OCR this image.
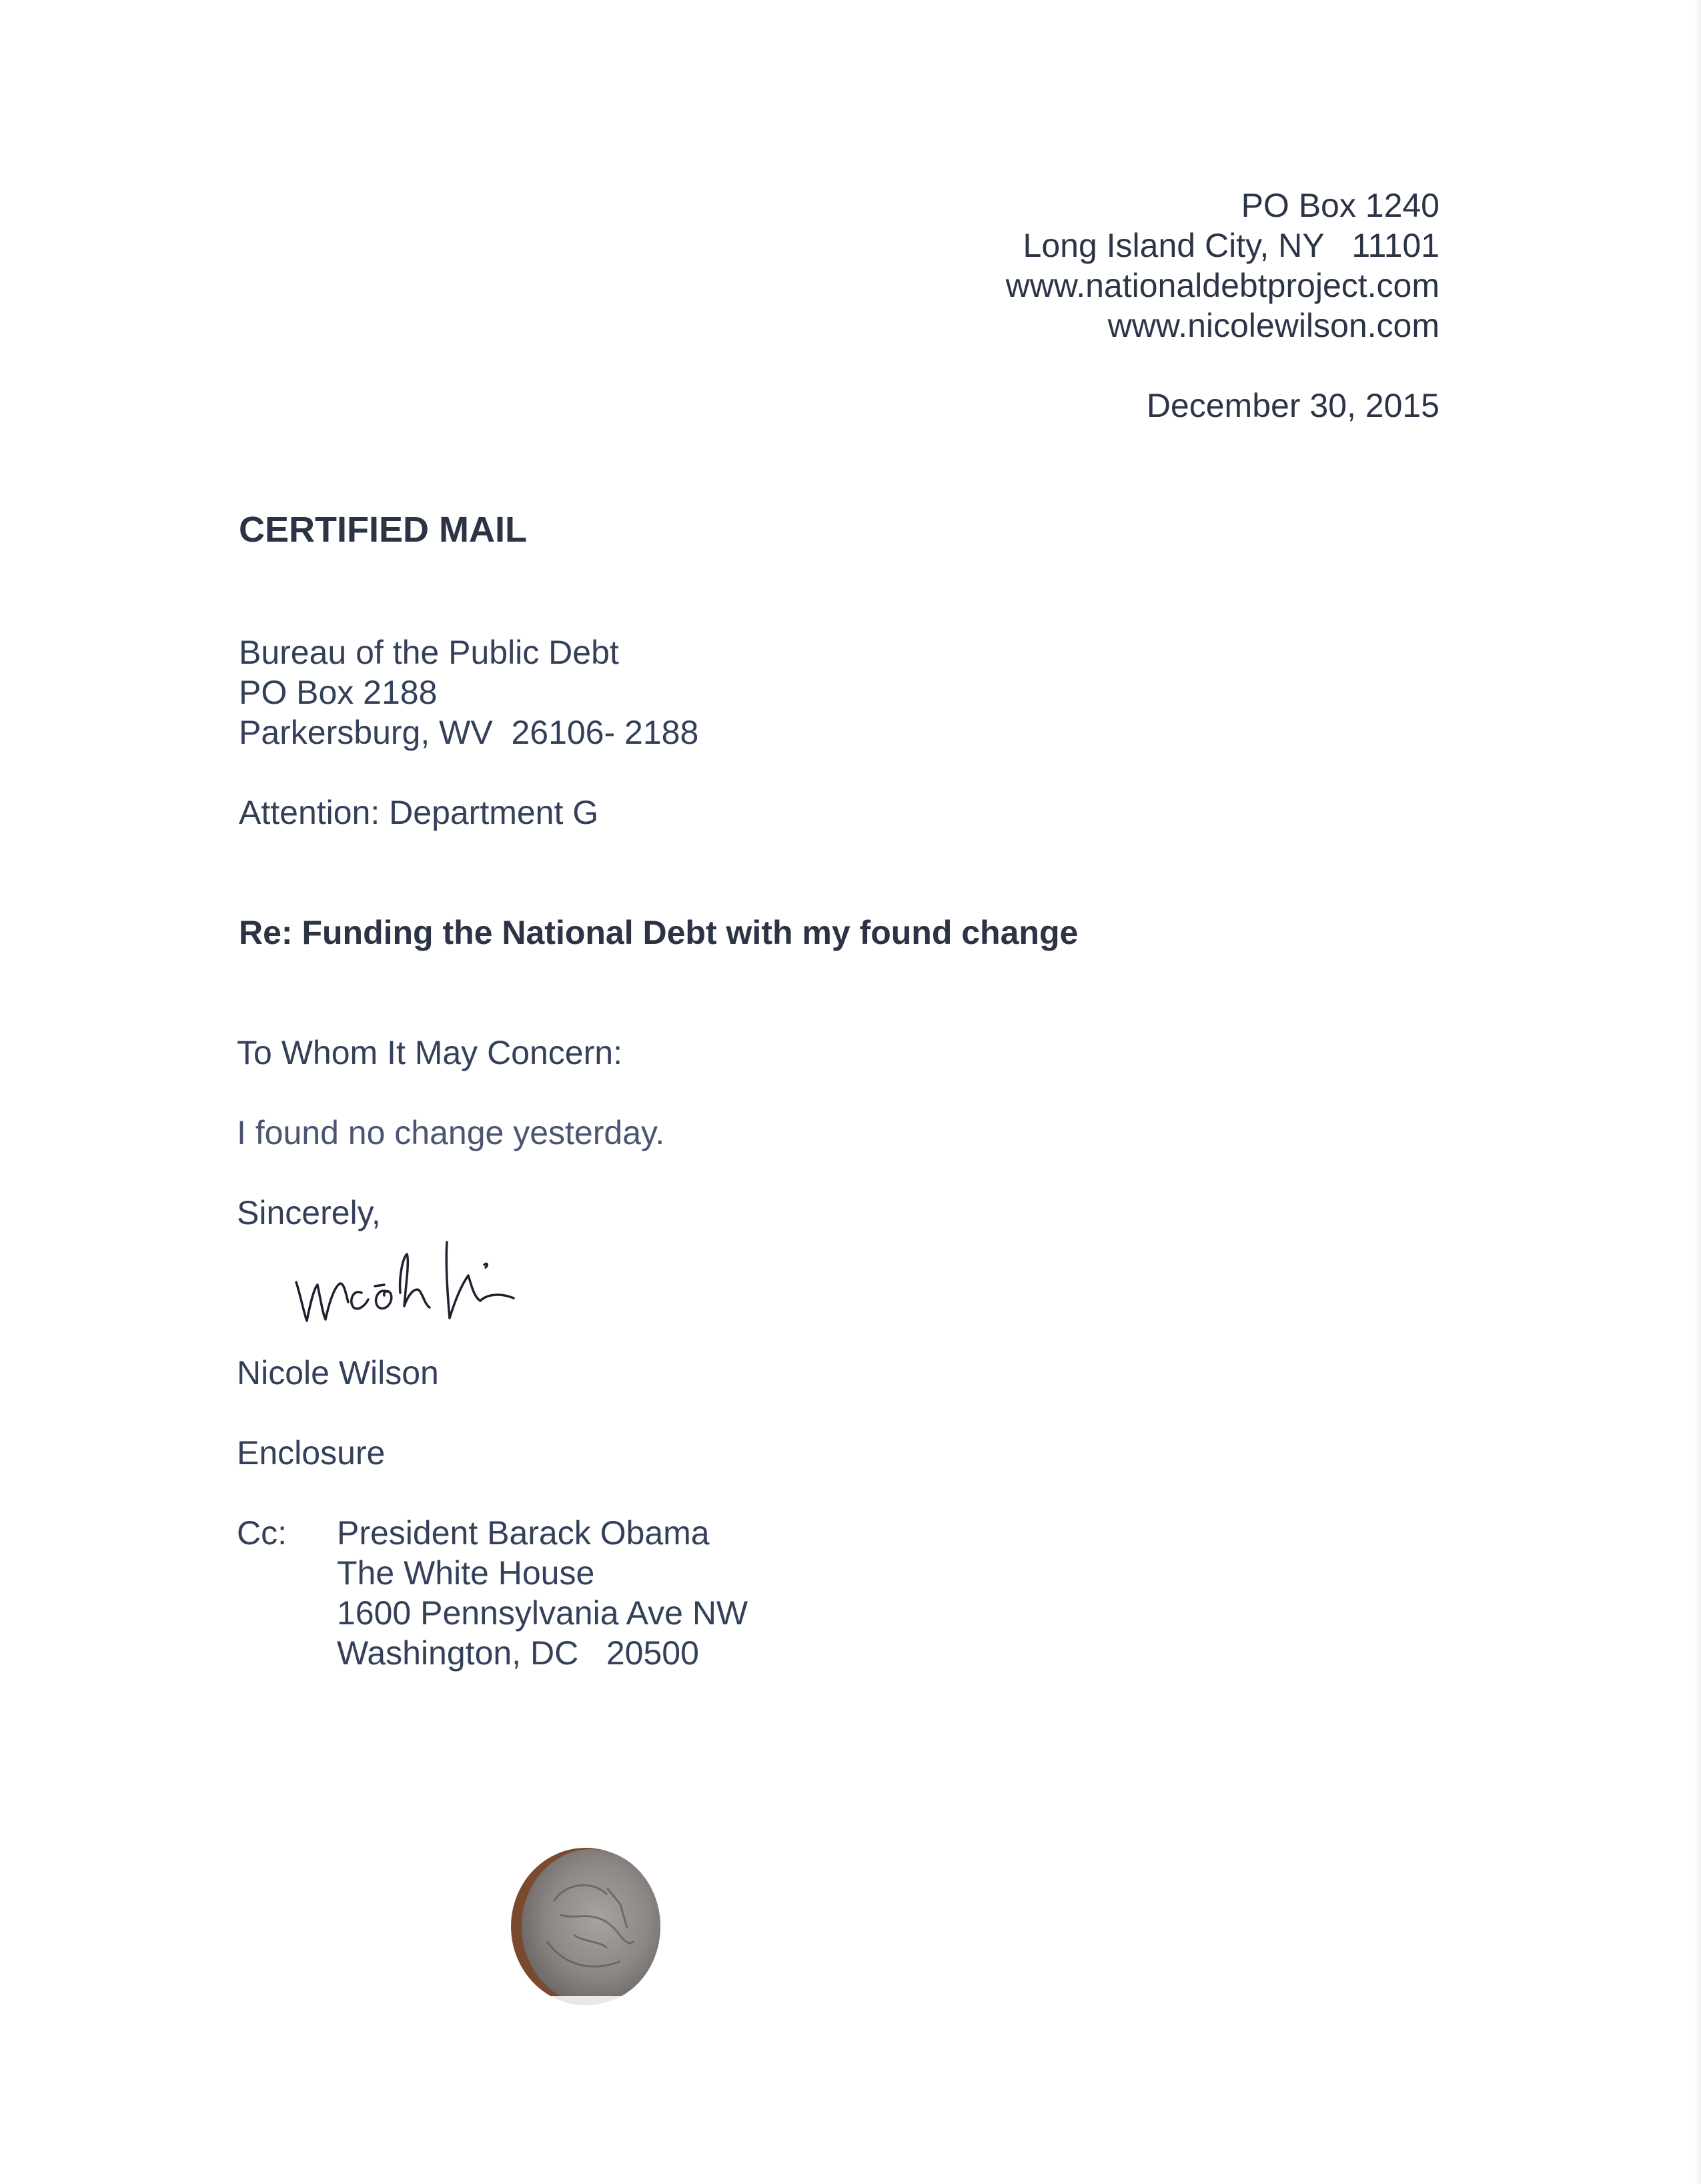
PO Box 1240
Long Island City, NY   11101
www.nationaldebtproject.com
www.nicolewilson.com
December 30, 2015
CERTIFIED MAIL
Bureau of the Public Debt
PO Box 2188
Parkersburg, WV  26106- 2188
Attention: Department G
Re: Funding the National Debt with my found change
To Whom It May Concern:
I found no change yesterday.
Sincerely,
Nicole Wilson
Enclosure
Cc: President Barack Obama
The White House
1600 Pennsylvania Ave NW
Washington, DC   20500
